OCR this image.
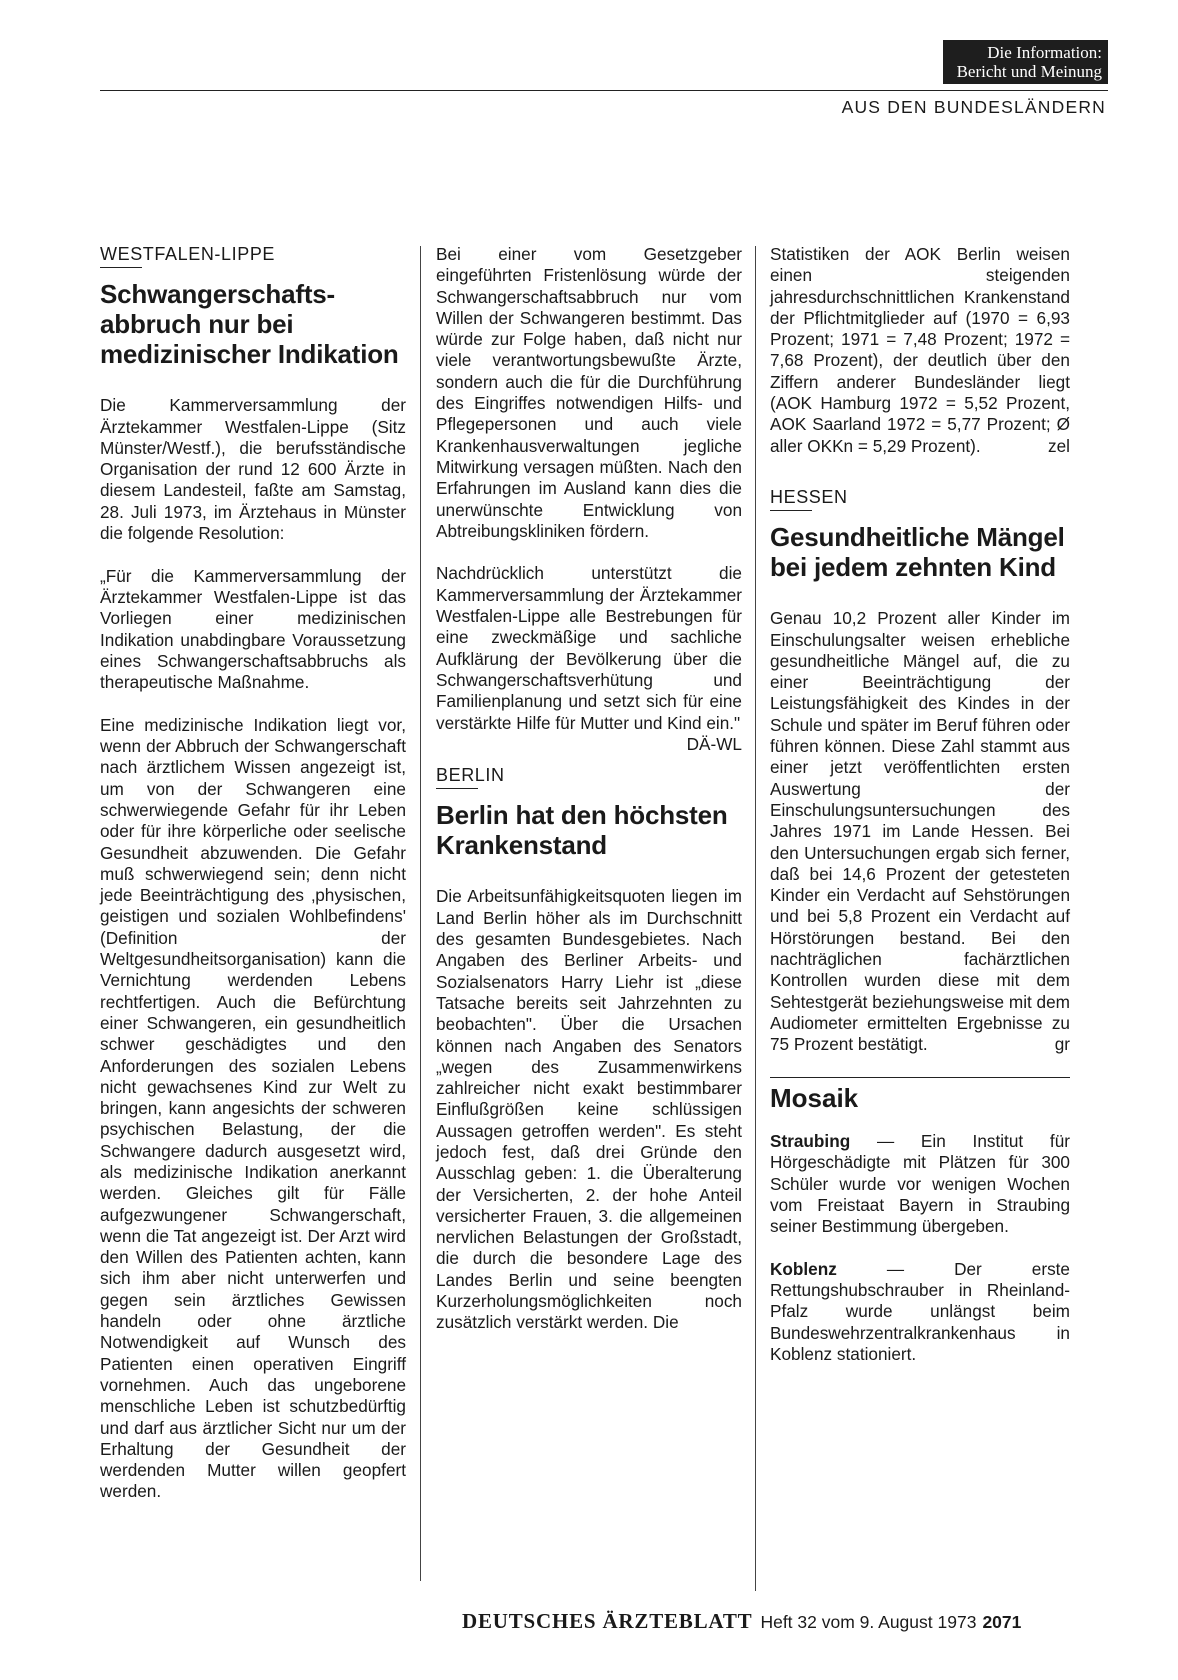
Die Information:
Bericht und Meinung
AUS DEN BUNDESLÄNDERN
WESTFALEN-LIPPE
Schwangerschafts-abbruch nur bei medizinischer Indikation

Die Kammerversammlung der Ärztekammer Westfalen-Lippe (Sitz Münster/Westf.), die berufsständische Organisation der rund 12 600 Ärzte in diesem Landesteil, faßte am Samstag, 28. Juli 1973, im Ärztehaus in Münster die folgende Resolution:

„Für die Kammerversammlung der Ärztekammer Westfalen-Lippe ist das Vorliegen einer medizinischen Indikation unabdingbare Voraussetzung eines Schwangerschaftsabbruchs als therapeutische Maßnahme.

Eine medizinische Indikation liegt vor, wenn der Abbruch der Schwangerschaft nach ärztlichem Wissen angezeigt ist, um von der Schwangeren eine schwerwiegende Gefahr für ihr Leben oder für ihre körperliche oder seelische Gesundheit abzuwenden. Die Gefahr muß schwerwiegend sein; denn nicht jede Beeinträchtigung des ‚physischen, geistigen und sozialen Wohlbefindens' (Definition der Weltgesundheitsorganisation) kann die Vernichtung werdenden Lebens rechtfertigen. Auch die Befürchtung einer Schwangeren, ein gesundheitlich schwer geschädigtes und den Anforderungen des sozialen Lebens nicht gewachsenes Kind zur Welt zu bringen, kann angesichts der schweren psychischen Belastung, der die Schwangere dadurch ausgesetzt wird, als medizinische Indikation anerkannt werden. Gleiches gilt für Fälle aufgezwungener Schwangerschaft, wenn die Tat angezeigt ist. Der Arzt wird den Willen des Patienten achten, kann sich ihm aber nicht unterwerfen und gegen sein ärztliches Gewissen handeln oder ohne ärztliche Notwendigkeit auf Wunsch des Patienten einen operativen Eingriff vornehmen. Auch das ungeborene menschliche Leben ist schutzbedürftig und darf aus ärztlicher Sicht nur um der Erhaltung der Gesundheit der werdenden Mutter willen geopfert werden.

Bei einer vom Gesetzgeber eingeführten Fristenlösung würde der Schwangerschaftsabbruch nur vom Willen der Schwangeren bestimmt. Das würde zur Folge haben, daß nicht nur viele verantwortungsbewußte Ärzte, sondern auch die für die Durchführung des Eingriffes notwendigen Hilfs- und Pflegepersonen und auch viele Krankenhausverwaltungen jegliche Mitwirkung versagen müßten. Nach den Erfahrungen im Ausland kann dies die unerwünschte Entwicklung von Abtreibungskliniken fördern.

Nachdrücklich unterstützt die Kammerversammlung der Ärztekammer Westfalen-Lippe alle Bestrebungen für eine zweckmäßige und sachliche Aufklärung der Bevölkerung über die Schwangerschaftsverhütung und Familienplanung und setzt sich für eine verstärkte Hilfe für Mutter und Kind ein."
DÄ-WL

BERLIN
Berlin hat den höchsten Krankenstand

Die Arbeitsunfähigkeitsquoten liegen im Land Berlin höher als im Durchschnitt des gesamten Bundesgebietes. Nach Angaben des Berliner Arbeits- und Sozialsenators Harry Liehr ist „diese Tatsache bereits seit Jahrzehnten zu beobachten". Über die Ursachen können nach Angaben des Senators „wegen des Zusammenwirkens zahlreicher nicht exakt bestimmbarer Einflußgrößen keine schlüssigen Aussagen getroffen werden". Es steht jedoch fest, daß drei Gründe den Ausschlag geben: 1. die Überalterung der Versicherten, 2. der hohe Anteil versicherter Frauen, 3. die allgemeinen nervlichen Belastungen der Großstadt, die durch die besondere Lage des Landes Berlin und seine beengten Kurzerholungsmöglichkeiten noch zusätzlich verstärkt werden. Die

Statistiken der AOK Berlin weisen einen steigenden jahresdurchschnittlichen Krankenstand der Pflichtmitglieder auf (1970 = 6,93 Prozent; 1971 = 7,48 Prozent; 1972 = 7,68 Prozent), der deutlich über den Ziffern anderer Bundesländer liegt (AOK Hamburg 1972 = 5,52 Prozent, AOK Saarland 1972 = 5,77 Prozent; Ø aller OKKn = 5,29 Prozent).	zel

HESSEN
Gesundheitliche Mängel bei jedem zehnten Kind

Genau 10,2 Prozent aller Kinder im Einschulungsalter weisen erhebliche gesundheitliche Mängel auf, die zu einer Beeinträchtigung der Leistungsfähigkeit des Kindes in der Schule und später im Beruf führen oder führen können. Diese Zahl stammt aus einer jetzt veröffentlichten ersten Auswertung der Einschulungsuntersuchungen des Jahres 1971 im Lande Hessen. Bei den Untersuchungen ergab sich ferner, daß bei 14,6 Prozent der getesteten Kinder ein Verdacht auf Sehstörungen und bei 5,8 Prozent ein Verdacht auf Hörstörungen bestand. Bei den nachträglichen fachärztlichen Kontrollen wurden diese mit dem Sehtestgerät beziehungsweise mit dem Audiometer ermittelten Ergebnisse zu 75 Prozent bestätigt.	gr

Mosaik

Straubing — Ein Institut für Hörgeschädigte mit Plätzen für 300 Schüler wurde vor wenigen Wochen vom Freistaat Bayern in Straubing seiner Bestimmung übergeben.

Koblenz — Der erste Rettungshubschrauber in Rheinland-Pfalz wurde unlängst beim Bundeswehrzentralkrankenhaus in Koblenz stationiert.

DEUTSCHES ÄRZTEBLATT Heft 32 vom 9. August 1973 2071
